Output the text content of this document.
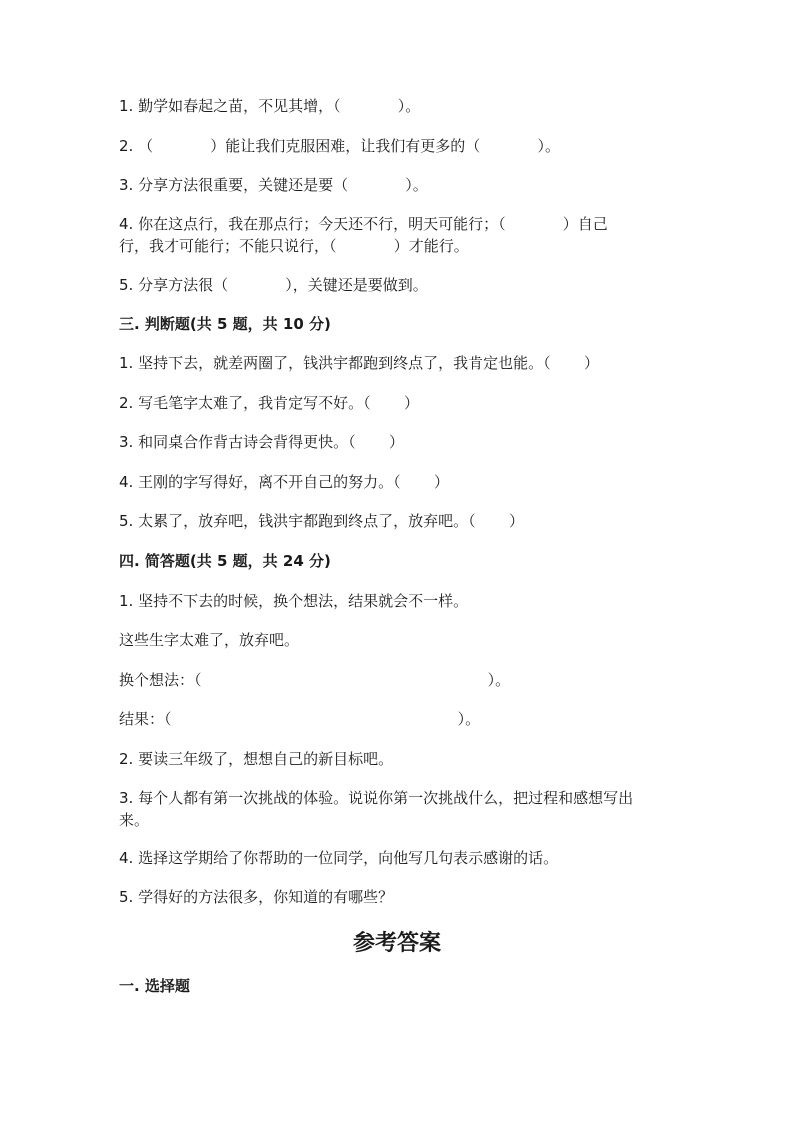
1. 勤学如春起之苗，不见其增，（            ）。
2. （            ）能让我们克服困难，让我们有更多的（            ）。
3. 分享方法很重要，关键还是要（            ）。
4. 你在这点行，我在那点行；今天还不行，明天可能行；（            ）自己
行，我才可能行；不能只说行，（            ）才能行。
5. 分享方法很（            ），关键还是要做到。
三. 判断题(共 5 题，共 10 分)
1. 坚持下去，就差两圈了，钱洪宇都跑到终点了，我肯定也能。（       ）
2. 写毛笔字太难了，我肯定写不好。（       ）
3. 和同桌合作背古诗会背得更快。（       ）
4. 王刚的字写得好，离不开自己的努力。（       ）
5. 太累了，放弃吧，钱洪宇都跑到终点了，放弃吧。（       ）
四. 简答题(共 5 题，共 24 分)
1. 坚持不下去的时候，换个想法，结果就会不一样。
这些生字太难了，放弃吧。
换个想法：（                                                            ）。
结果：（                                                            ）。
2. 要读三年级了，想想自己的新目标吧。
3. 每个人都有第一次挑战的体验。说说你第一次挑战什么，把过程和感想写出
来。
4. 选择这学期给了你帮助的一位同学，向他写几句表示感谢的话。
5. 学得好的方法很多，你知道的有哪些？
参考答案
一. 选择题
